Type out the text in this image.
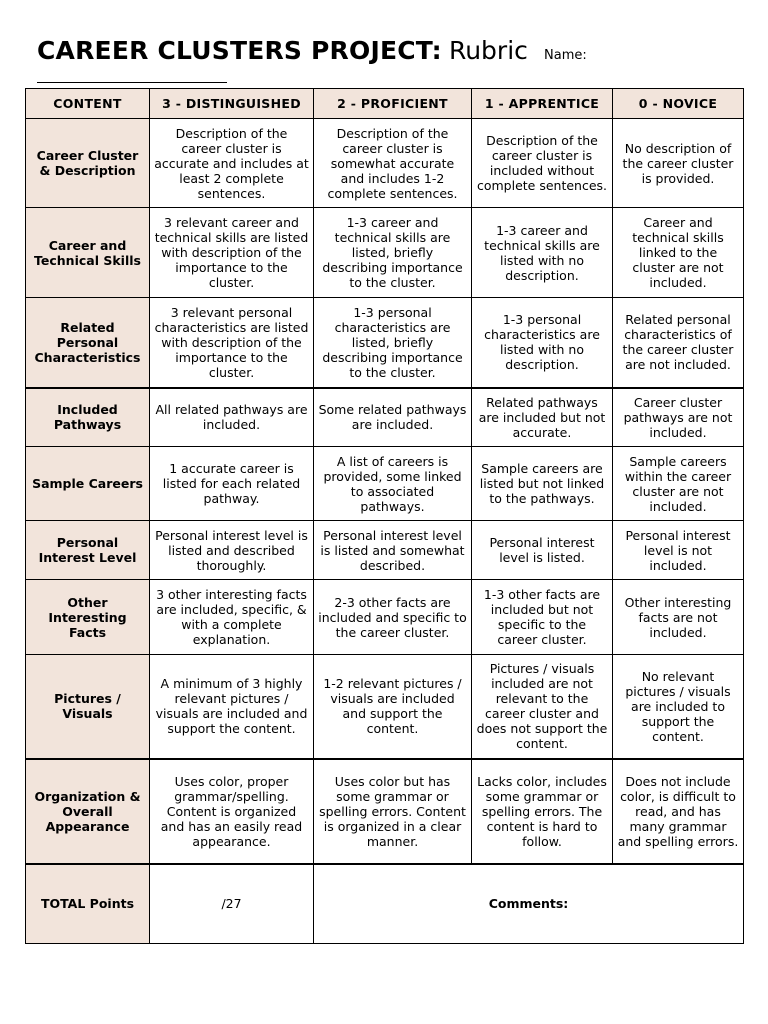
CAREER CLUSTERS PROJECT: Rubric Name:
CONTENT	3 - DISTINGUISHED	2 - PROFICIENT	1 - APPRENTICE	0 - NOVICE
Career Cluster & Description	Description of the career cluster is accurate and includes at least 2 complete sentences.	Description of the career cluster is somewhat accurate and includes 1-2 complete sentences.	Description of the career cluster is included without complete sentences.	No description of the career cluster is provided.
Career and Technical Skills	3 relevant career and technical skills are listed with description of the importance to the cluster.	1-3 career and technical skills are listed, briefly describing importance to the cluster.	1-3 career and technical skills are listed with no description.	Career and technical skills linked to the cluster are not included.
Related Personal Characteristics	3 relevant personal characteristics are listed with description of the importance to the cluster.	1-3 personal characteristics are listed, briefly describing importance to the cluster.	1-3 personal characteristics are listed with no description.	Related personal characteristics of the career cluster are not included.
Included Pathways	All related pathways are included.	Some related pathways are included.	Related pathways are included but not accurate.	Career cluster pathways are not included.
Sample Careers	1 accurate career is listed for each related pathway.	A list of careers is provided, some linked to associated pathways.	Sample careers are listed but not linked to the pathways.	Sample careers within the career cluster are not included.
Personal Interest Level	Personal interest level is listed and described thoroughly.	Personal interest level is listed and somewhat described.	Personal interest level is listed.	Personal interest level is not included.
Other Interesting Facts	3 other interesting facts are included, specific, & with a complete explanation.	2-3 other facts are included and specific to the career cluster.	1-3 other facts are included but not specific to the career cluster.	Other interesting facts are not included.
Pictures / Visuals	A minimum of 3 highly relevant pictures / visuals are included and support the content.	1-2 relevant pictures / visuals are included and support the content.	Pictures / visuals included are not relevant to the career cluster and does not support the content.	No relevant pictures / visuals are included to support the content.
Organization & Overall Appearance	Uses color, proper grammar/spelling. Content is organized and has an easily read appearance.	Uses color but has some grammar or spelling errors. Content is organized in a clear manner.	Lacks color, includes some grammar or spelling errors. The content is hard to follow.	Does not include color, is difficult to read, and has many grammar and spelling errors.
TOTAL Points	/27	Comments:		
